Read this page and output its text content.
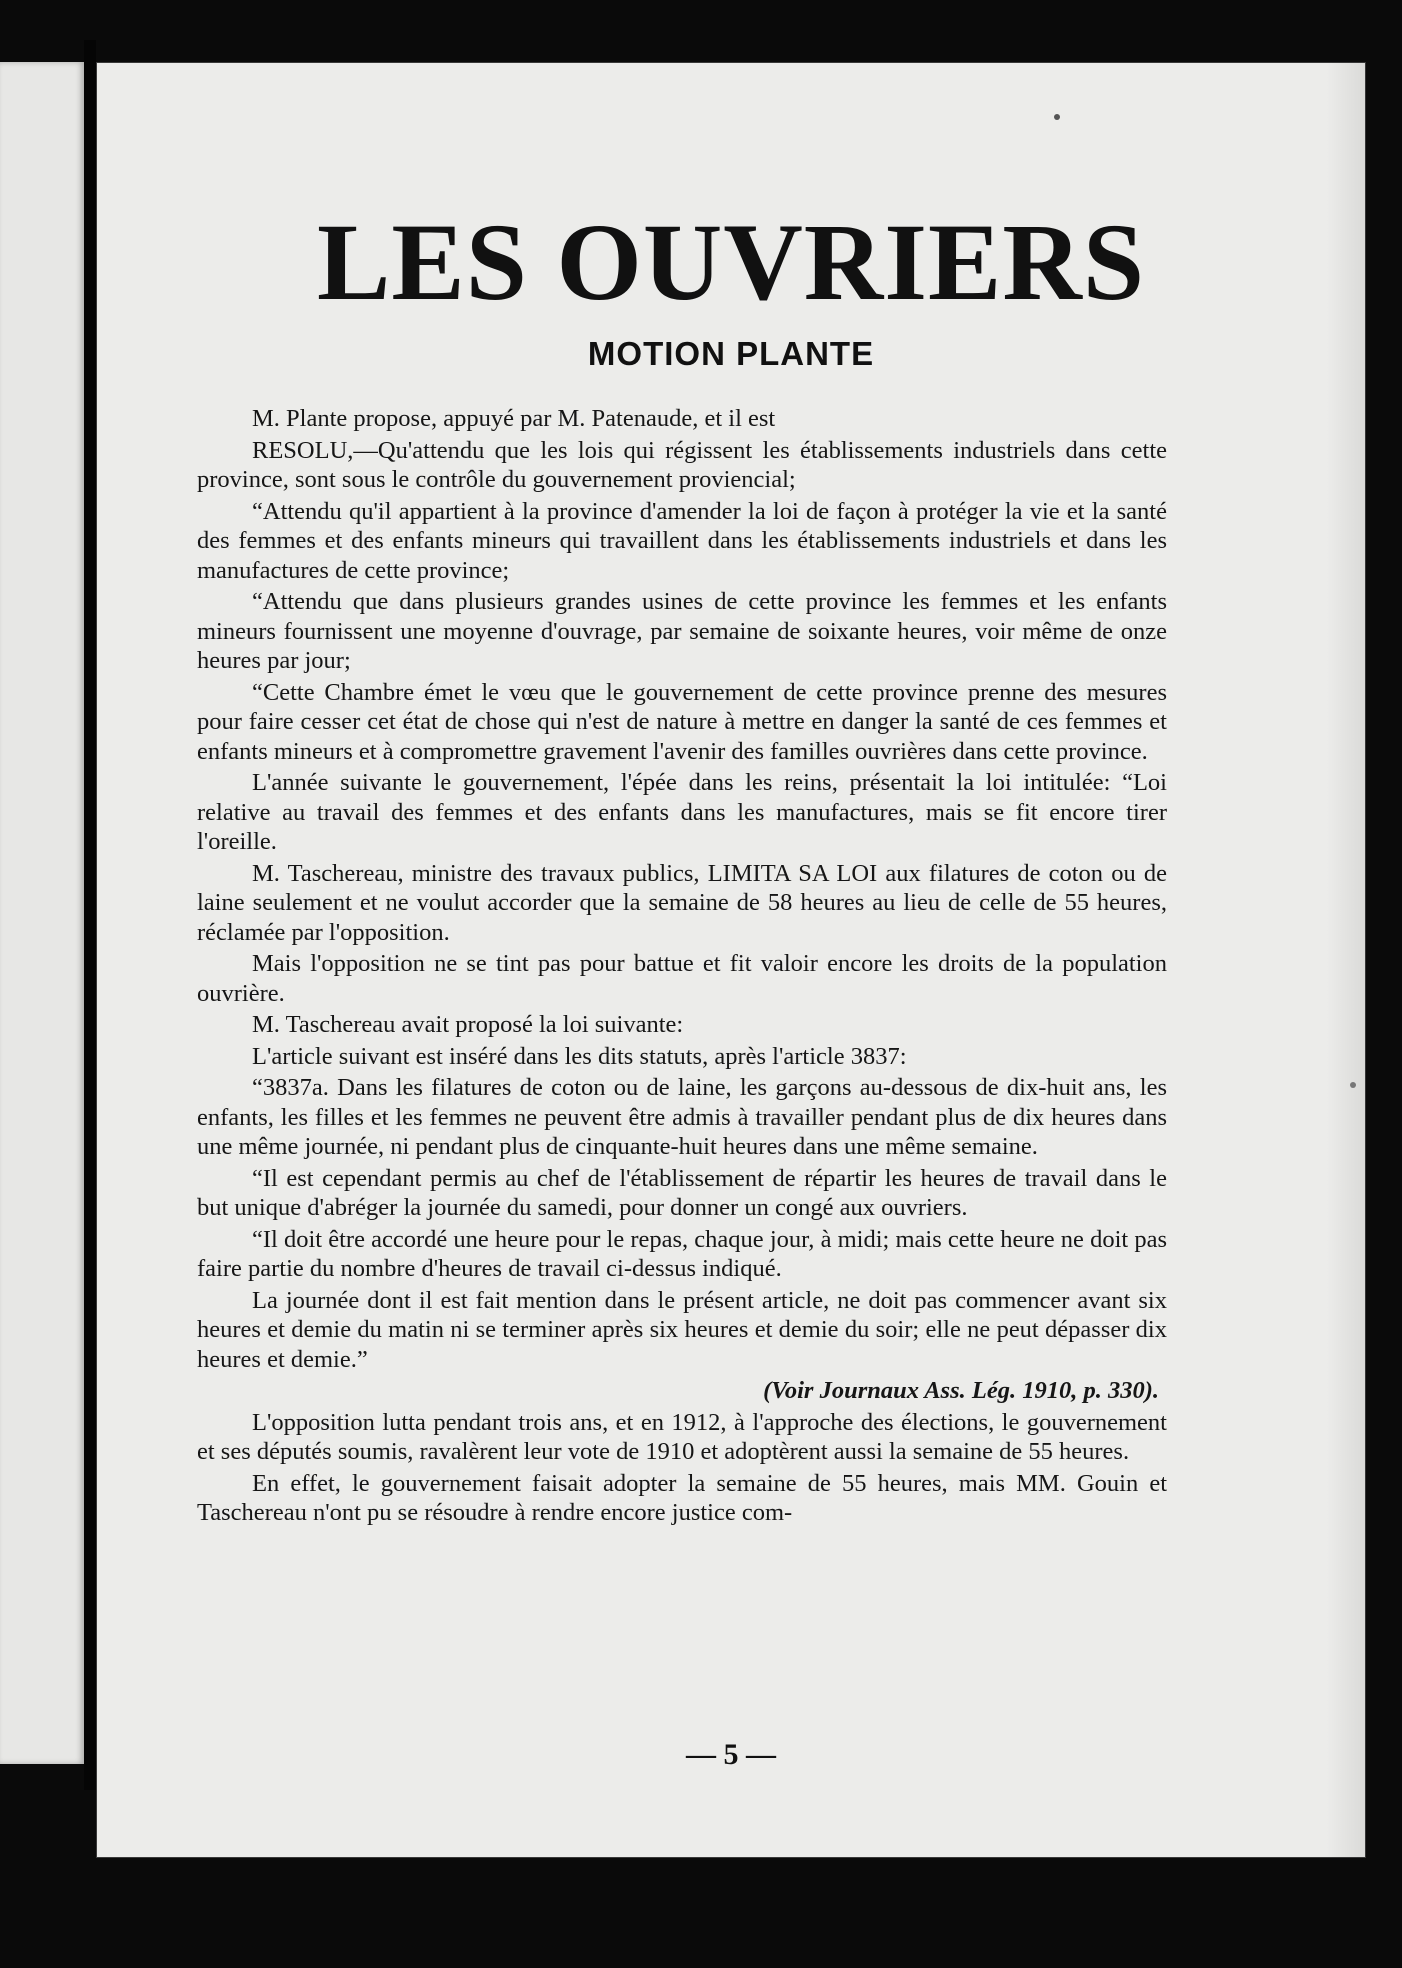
LES OUVRIERS
MOTION PLANTE

M. Plante propose, appuyé par M. Patenaude, et il est

RESOLU,—Qu'attendu que les lois qui régissent les établissements industriels dans cette province, sont sous le contrôle du gouvernement proviencial;

“Attendu qu'il appartient à la province d'amender la loi de façon à protéger la vie et la santé des femmes et des enfants mineurs qui travaillent dans les établissements industriels et dans les manufactures de cette province;

“Attendu que dans plusieurs grandes usines de cette province les femmes et les enfants mineurs fournissent une moyenne d'ouvrage, par semaine de soixante heures, voir même de onze heures par jour;

“Cette Chambre émet le vœu que le gouvernement de cette province prenne des mesures pour faire cesser cet état de chose qui n'est de nature à mettre en danger la santé de ces femmes et enfants mineurs et à compromettre gravement l'avenir des familles ouvrières dans cette province.

L'année suivante le gouvernement, l'épée dans les reins, présentait la loi intitulée: “Loi relative au travail des femmes et des enfants dans les manufactures, mais se fit encore tirer l'oreille.

M. Taschereau, ministre des travaux publics, LIMITA SA LOI aux filatures de coton ou de laine seulement et ne voulut accorder que la semaine de 58 heures au lieu de celle de 55 heures, réclamée par l'opposition.

Mais l'opposition ne se tint pas pour battue et fit valoir encore les droits de la population ouvrière.

M. Taschereau avait proposé la loi suivante:

L'article suivant est inséré dans les dits statuts, après l'article 3837:

“3837a. Dans les filatures de coton ou de laine, les garçons au-dessous de dix-huit ans, les enfants, les filles et les femmes ne peuvent être admis à travailler pendant plus de dix heures dans une même journée, ni pendant plus de cinquante-huit heures dans une même semaine.

“Il est cependant permis au chef de l'établissement de répartir les heures de travail dans le but unique d'abréger la journée du samedi, pour donner un congé aux ouvriers.

“Il doit être accordé une heure pour le repas, chaque jour, à midi; mais cette heure ne doit pas faire partie du nombre d'heures de travail ci-dessus indiqué.

La journée dont il est fait mention dans le présent article, ne doit pas commencer avant six heures et demie du matin ni se terminer après six heures et demie du soir; elle ne peut dépasser dix heures et demie.”

(Voir Journaux Ass. Lég. 1910, p. 330).

L'opposition lutta pendant trois ans, et en 1912, à l'approche des élections, le gouvernement et ses députés soumis, ravalèrent leur vote de 1910 et adoptèrent aussi la semaine de 55 heures.

En effet, le gouvernement faisait adopter la semaine de 55 heures, mais MM. Gouin et Taschereau n'ont pu se résoudre à rendre encore justice com-

— 5 —
